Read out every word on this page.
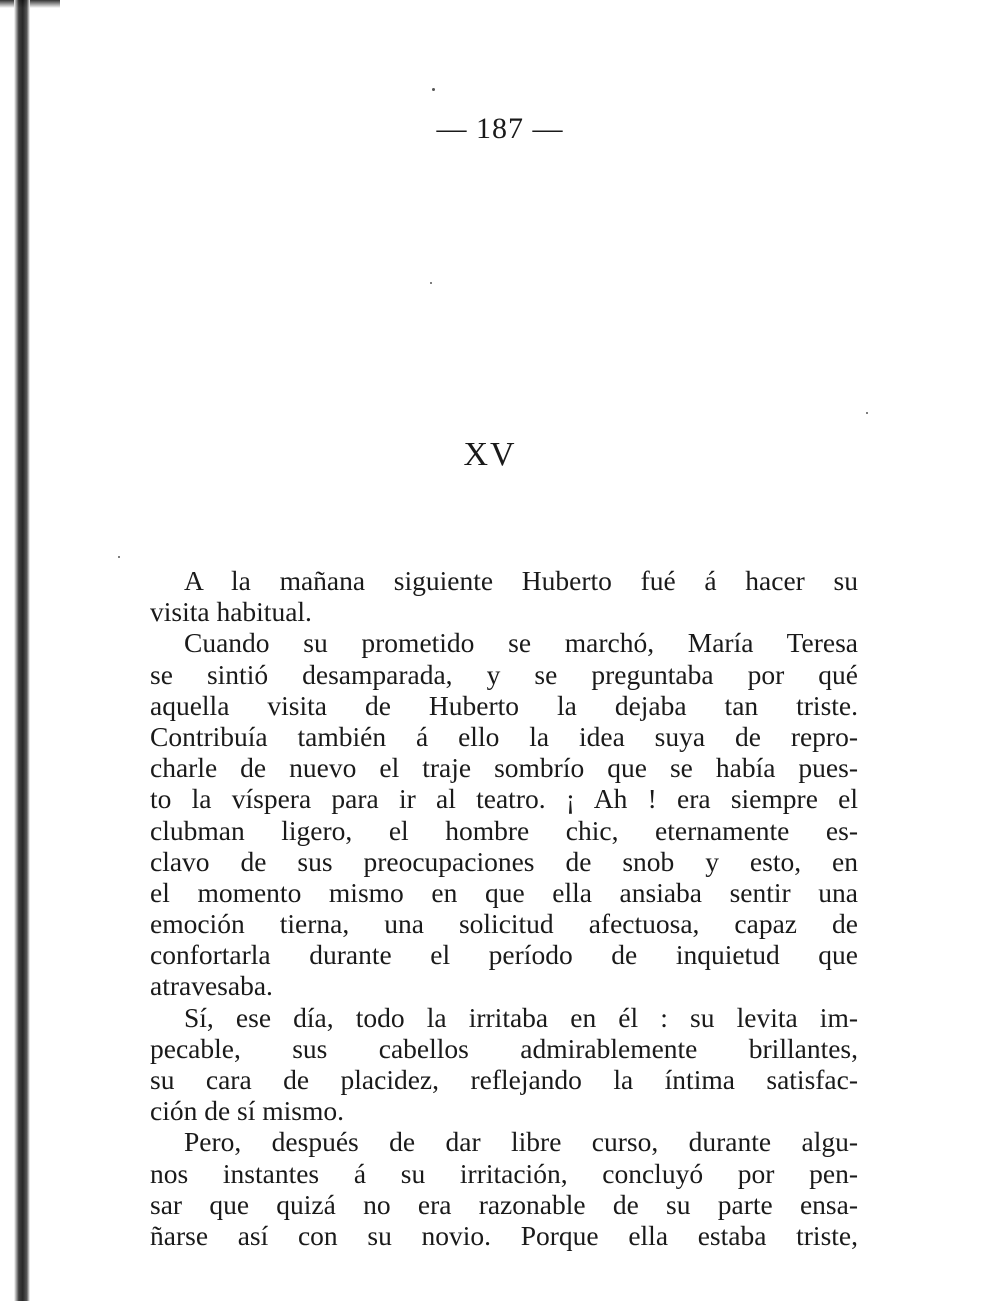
— 187 —
XV
A la mañana siguiente Huberto fué á hacer su
visita habitual.
Cuando su prometido se marchó, María Teresa
se sintió desamparada, y se preguntaba por qué
aquella visita de Huberto la dejaba tan triste.
Contribuía también á ello la idea suya de repro-
charle de nuevo el traje sombrío que se había pues-
to la víspera para ir al teatro. ¡ Ah ! era siempre el
clubman ligero, el hombre chic, eternamente es-
clavo de sus preocupaciones de snob y esto, en
el momento mismo en que ella ansiaba sentir una
emoción tierna, una solicitud afectuosa, capaz de
confortarla durante el período de inquietud que
atravesaba.
Sí, ese día, todo la irritaba en él : su levita im-
pecable, sus cabellos admirablemente brillantes,
su cara de placidez, reflejando la íntima satisfac-
ción de sí mismo.
Pero, después de dar libre curso, durante algu-
nos instantes á su irritación, concluyó por pen-
sar que quizá no era razonable de su parte ensa-
ñarse así con su novio. Porque ella estaba triste,
